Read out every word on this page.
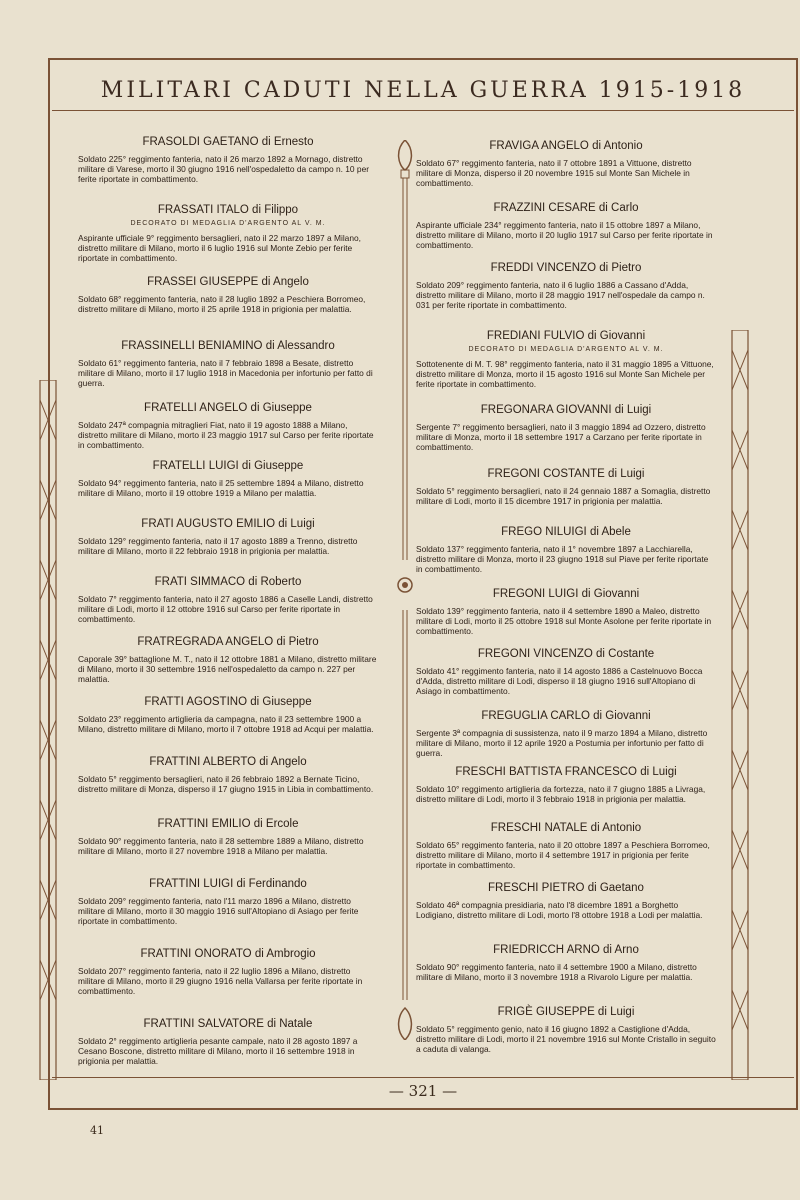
MILITARI CADUTI NELLA GUERRA 1915-1918
FRASOLDI GAETANO di Ernesto

Soldato 225° reggimento fanteria, nato il 26 marzo 1892 a Mornago, distretto militare di Varese, morto il 30 giugno 1916 nell'ospedaletto da campo n. 10 per ferite riportate in combattimento.

FRASSATI ITALO di Filippo
DECORATO DI MEDAGLIA D'ARGENTO AL V. M.

Aspirante ufficiale 9° reggimento bersaglieri, nato il 22 marzo 1897 a Milano, distretto militare di Milano, morto il 6 luglio 1916 sul Monte Zebio per ferite riportate in combattimento.

FRASSEI GIUSEPPE di Angelo

Soldato 68° reggimento fanteria, nato il 28 luglio 1892 a Peschiera Borromeo, distretto militare di Milano, morto il 25 aprile 1918 in prigionia per malattia.

FRASSINELLI BENIAMINO di Alessandro

Soldato 61° reggimento fanteria, nato il 7 febbraio 1898 a Besate, distretto militare di Milano, morto il 17 luglio 1918 in Macedonia per infortunio per fatto di guerra.

FRATELLI ANGELO di Giuseppe

Soldato 247ª compagnia mitraglieri Fiat, nato il 19 agosto 1888 a Milano, distretto militare di Milano, morto il 23 maggio 1917 sul Carso per ferite riportate in combattimento.

FRATELLI LUIGI di Giuseppe

Soldato 94° reggimento fanteria, nato il 25 settembre 1894 a Milano, distretto militare di Milano, morto il 19 ottobre 1919 a Milano per malattia.

FRATI AUGUSTO EMILIO di Luigi

Soldato 129° reggimento fanteria, nato il 17 agosto 1889 a Trenno, distretto militare di Milano, morto il 22 febbraio 1918 in prigionia per malattia.

FRATI SIMMACO di Roberto

Soldato 7° reggimento fanteria, nato il 27 agosto 1886 a Caselle Landi, distretto militare di Lodi, morto il 12 ottobre 1916 sul Carso per ferite riportate in combattimento.

FRATREGRADA ANGELO di Pietro

Caporale 39° battaglione M. T., nato il 12 ottobre 1881 a Milano, distretto militare di Milano, morto il 30 settembre 1916 nell'ospedaletto da campo n. 227 per malattia.

FRATTI AGOSTINO di Giuseppe

Soldato 23° reggimento artiglieria da campagna, nato il 23 settembre 1900 a Milano, distretto militare di Milano, morto il 7 ottobre 1918 ad Acqui per malattia.

FRATTINI ALBERTO di Angelo

Soldato 5° reggimento bersaglieri, nato il 26 febbraio 1892 a Bernate Ticino, distretto militare di Monza, disperso il 17 giugno 1915 in Libia in combattimento.

FRATTINI EMILIO di Ercole

Soldato 90° reggimento fanteria, nato il 28 settembre 1889 a Milano, distretto militare di Milano, morto il 27 novembre 1918 a Milano per malattia.

FRATTINI LUIGI di Ferdinando

Soldato 209° reggimento fanteria, nato l'11 marzo 1896 a Milano, distretto militare di Milano, morto il 30 maggio 1916 sull'Altopiano di Asiago per ferite riportate in combattimento.

FRATTINI ONORATO di Ambrogio

Soldato 207° reggimento fanteria, nato il 22 luglio 1896 a Milano, distretto militare di Milano, morto il 29 giugno 1916 nella Vallarsa per ferite riportate in combattimento.

FRATTINI SALVATORE di Natale

Soldato 2° reggimento artiglieria pesante campale, nato il 28 agosto 1897 a Cesano Boscone, distretto militare di Milano, morto il 16 settembre 1918 in prigionia per malattia.

FRAVIGA ANGELO di Antonio

Soldato 67° reggimento fanteria, nato il 7 ottobre 1891 a Vittuone, distretto militare di Monza, disperso il 20 novembre 1915 sul Monte San Michele in combattimento.

FRAZZINI CESARE di Carlo

Aspirante ufficiale 234° reggimento fanteria, nato il 15 ottobre 1897 a Milano, distretto militare di Milano, morto il 20 luglio 1917 sul Carso per ferite riportate in combattimento.

FREDDI VINCENZO di Pietro

Soldato 209° reggimento fanteria, nato il 6 luglio 1886 a Cassano d'Adda, distretto militare di Milano, morto il 28 maggio 1917 nell'ospedale da campo n. 031 per ferite riportate in combattimento.

FREDIANI FULVIO di Giovanni
DECORATO DI MEDAGLIA D'ARGENTO AL V. M.

Sottotenente di M. T. 98° reggimento fanteria, nato il 31 maggio 1895 a Vittuone, distretto militare di Monza, morto il 15 agosto 1916 sul Monte San Michele per ferite riportate in combattimento.

FREGONARA GIOVANNI di Luigi

Sergente 7° reggimento bersaglieri, nato il 3 maggio 1894 ad Ozzero, distretto militare di Monza, morto il 18 settembre 1917 a Carzano per ferite riportate in combattimento.

FREGONI COSTANTE di Luigi

Soldato 5° reggimento bersaglieri, nato il 24 gennaio 1887 a Somaglia, distretto militare di Lodi, morto il 15 dicembre 1917 in prigionia per malattia.

FREGO NILUIGI di Abele

Soldato 137° reggimento fanteria, nato il 1° novembre 1897 a Lacchiarella, distretto militare di Monza, morto il 23 giugno 1918 sul Piave per ferite riportate in combattimento.

FREGONI LUIGI di Giovanni

Soldato 139° reggimento fanteria, nato il 4 settembre 1890 a Maleo, distretto militare di Lodi, morto il 25 ottobre 1918 sul Monte Asolone per ferite riportate in combattimento.

FREGONI VINCENZO di Costante

Soldato 41° reggimento fanteria, nato il 14 agosto 1886 a Castelnuovo Bocca d'Adda, distretto militare di Lodi, disperso il 18 giugno 1916 sull'Altopiano di Asiago in combattimento.

FREGUGLIA CARLO di Giovanni

Sergente 3ª compagnia di sussistenza, nato il 9 marzo 1894 a Milano, distretto militare di Milano, morto il 12 aprile 1920 a Postumia per infortunio per fatto di guerra.

FRESCHI BATTISTA FRANCESCO di Luigi

Soldato 10° reggimento artiglieria da fortezza, nato il 7 giugno 1885 a Livraga, distretto militare di Lodi, morto il 3 febbraio 1918 in prigionia per malattia.

FRESCHI NATALE di Antonio

Soldato 65° reggimento fanteria, nato il 20 ottobre 1897 a Peschiera Borromeo, distretto militare di Milano, morto il 4 settembre 1917 in prigionia per ferite riportate in combattimento.

FRESCHI PIETRO di Gaetano

Soldato 46ª compagnia presidiaria, nato l'8 dicembre 1891 a Borghetto Lodigiano, distretto militare di Lodi, morto l'8 ottobre 1918 a Lodi per malattia.

FRIEDRICCH ARNO di Arno

Soldato 90° reggimento fanteria, nato il 4 settembre 1900 a Milano, distretto militare di Milano, morto il 3 novembre 1918 a Rivarolo Ligure per malattia.

FRIGÈ GIUSEPPE di Luigi

Soldato 5° reggimento genio, nato il 16 giugno 1892 a Castiglione d'Adda, distretto militare di Lodi, morto il 21 novembre 1916 sul Monte Cristallo in seguito a caduta di valanga.

— 321 —
41
